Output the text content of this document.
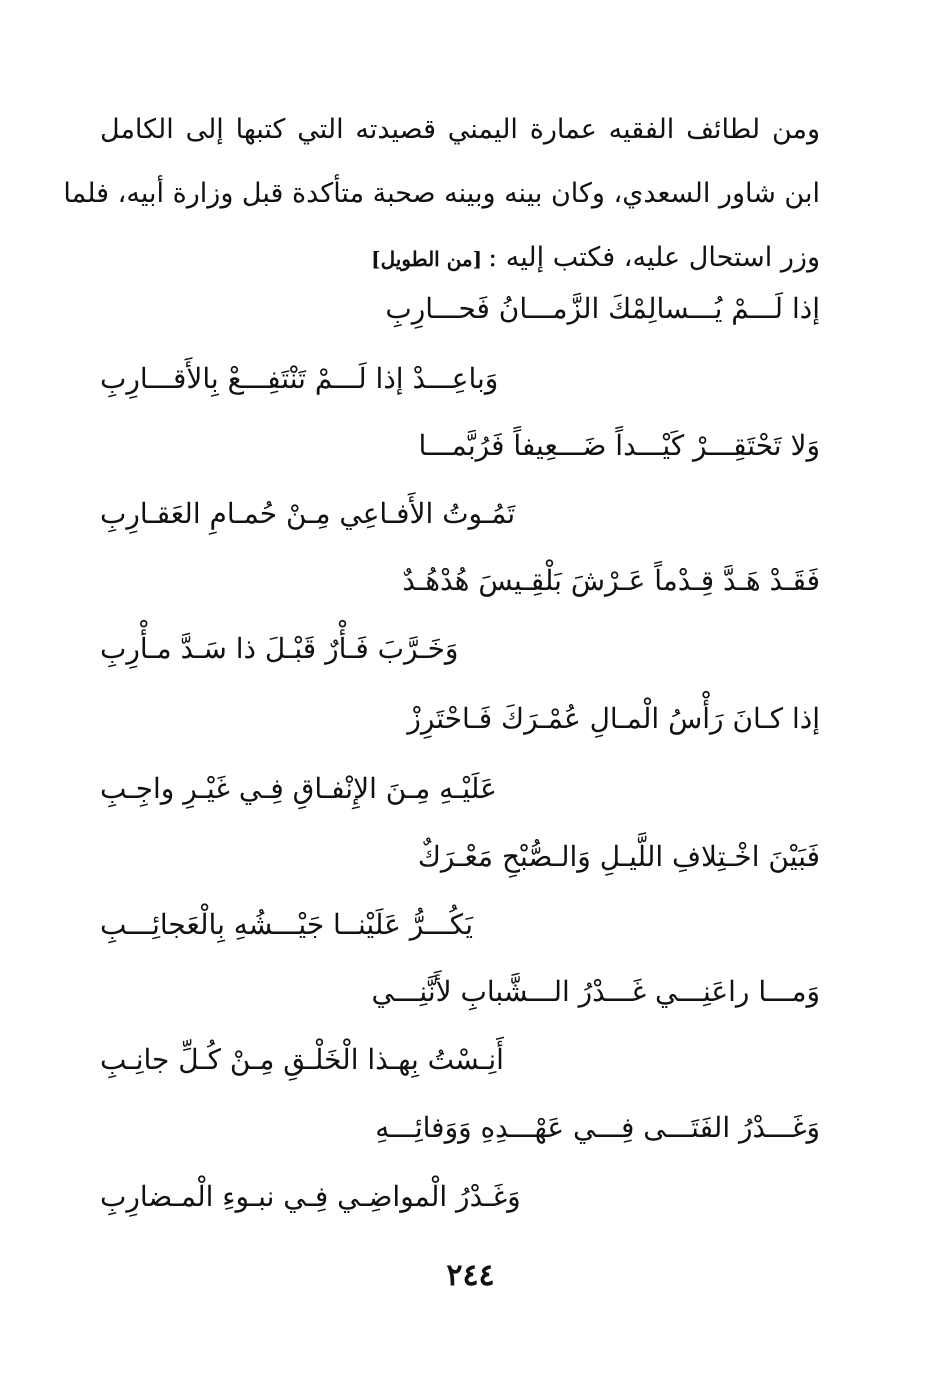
ومن لطائف الفقيه عمارة اليمني قصيدته التي كتبها إلى الكامل
ابن شاور السعدي، وكان بينه وبينه صحبة متأكدة قبل وزارة أبيه، فلما
وزر استحال عليه، فكتب إليه :[من الطويل]
إذا لَـــمْ يُـــسالِمْكَ الزَّمـــانُ فَحـــارِبِ
وَباعِـــدْ إذا لَـــمْ تَنْتَفِـــعْ بِالأَقـــارِبِ
وَلا تَحْتَقِـــرْ كَيْـــداً ضَـــعِيفاً فَرُبَّمـــا
تَمُـوتُ الأَفـاعِي مِـنْ حُمـامِ العَقـارِبِ
فَقَـدْ هَـدَّ قِـدْماً عَـرْشَ بَلْقِـيسَ هُدْهُـدٌ
وَخَـرَّبَ فَـأْرٌ قَبْـلَ ذا سَـدَّ مـأْرِبِ
إذا كـانَ رَأْسُ الْمـالِ عُمْـرَكَ فَـاحْتَرِزْ
عَلَيْـهِ مِـنَ الإِنْفـاقِ فِـي غَيْـرِ واجِـبِ
فَبَيْنَ اخْـتِلافِ اللَّيـلِ وَالـصُّبْحِ مَعْـرَكٌ
يَكُـــرُّ عَلَيْنــا جَيْـــشُهِ بِالْعَجائِـــبِ
وَمـــا راعَنِـــي غَـــدْرُ الـــشَّبابِ لأَنَّنِـــي
أَنِـسْتُ بِهـذا الْخَلْـقِ مِـنْ كُـلِّ جانِـبِ
وَغَـــدْرُ الفَتَـــى فِـــي عَهْـــدِهِ وَوَفائِـــهِ
وَغَـدْرُ الْمواضِـي فِـي نبـوءِ الْمـضارِبِ
٢٤٤
